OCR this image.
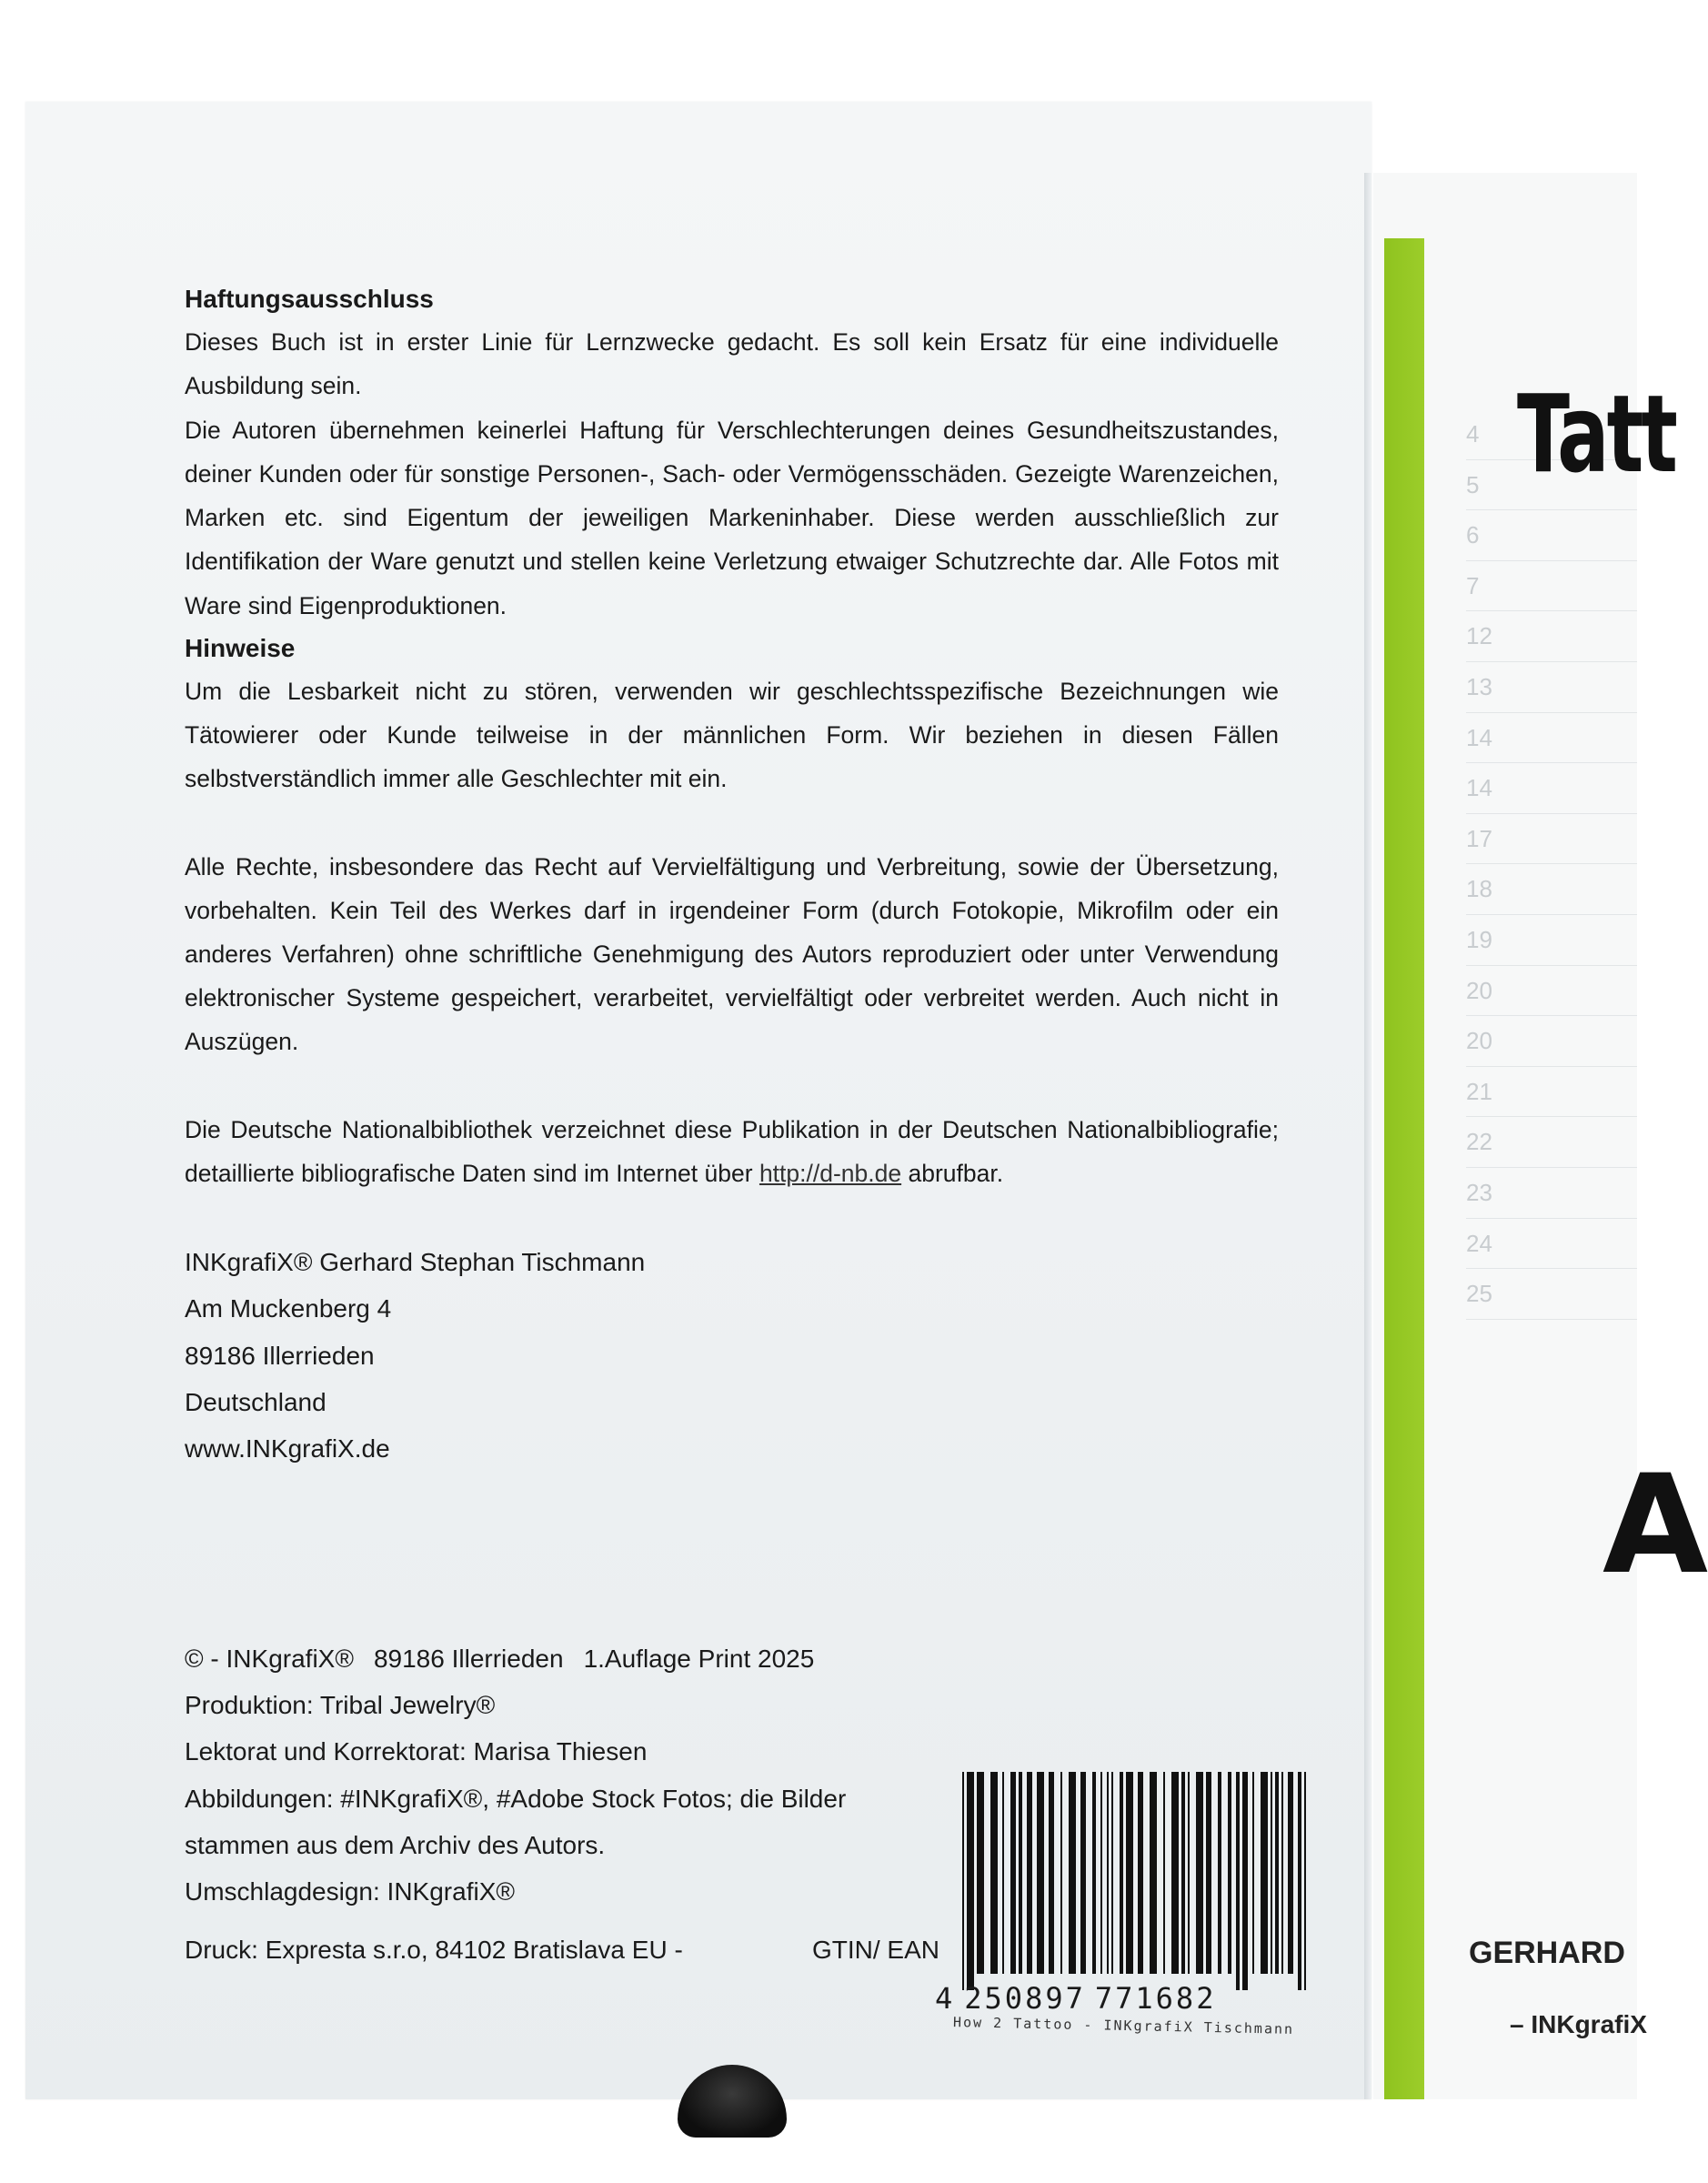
4
5
6
7
12
13
14
14
17
18
19
20
20
21
22
23
24
25
Tatt
A
GERHARD
– INKgrafiX
Haftungsausschluss

Dieses Buch ist in erster Linie für Lernzwecke gedacht. Es soll kein Ersatz für eine individuelle Ausbildung sein.

Die Autoren übernehmen keinerlei Haftung für Verschlechterungen deines Gesundheitszustandes, deiner Kunden oder für sonstige Personen-, Sach- oder Vermögensschäden. Gezeigte Warenzeichen, Marken etc. sind Eigentum der jeweiligen Markeninhaber. Diese werden ausschließlich zur Identifikation der Ware genutzt und stellen keine Verletzung etwaiger Schutzrechte dar. Alle Fotos mit Ware sind Eigenproduktionen.

Hinweise

Um die Lesbarkeit nicht zu stören, verwenden wir geschlechtsspezifische Bezeichnungen wie Tätowierer oder Kunde teilweise in der männlichen Form. Wir beziehen in diesen Fällen selbstverständlich immer alle Geschlechter mit ein.

Alle Rechte, insbesondere das Recht auf Vervielfältigung und Verbreitung, sowie der Übersetzung, vorbehalten. Kein Teil des Werkes darf in irgendeiner Form (durch Fotokopie, Mikrofilm oder ein anderes Verfahren) ohne schriftliche Genehmigung des Autors reproduziert oder unter Verwendung elektronischer Systeme gespeichert, verarbeitet, vervielfältigt oder verbreitet werden. Auch nicht in Auszügen.

Die Deutsche Nationalbibliothek verzeichnet diese Publikation in der Deutschen Nationalbibliografie; detaillierte bibliografische Daten sind im Internet über http://d-nb.de abrufbar.

INKgrafiX® Gerhard Stephan Tischmann
Am Muckenberg 4
89186 Illerrieden
Deutschland
www.INKgrafiX.de
© - INKgrafiX® 89186 Illerrieden 1.Auflage Print 2025
Produktion: Tribal Jewelry®
Lektorat und Korrektorat: Marisa Thiesen
Abbildungen: #INKgrafiX®, #Adobe Stock Fotos; die Bilder stammen aus dem Archiv des Autors.
Umschlagdesign: INKgrafiX®
Druck: Expresta s.r.o, 84102 Bratislava EU -	GTIN/ EAN
4 250897 771682
How 2 Tattoo - INKgrafiX Tischmann
